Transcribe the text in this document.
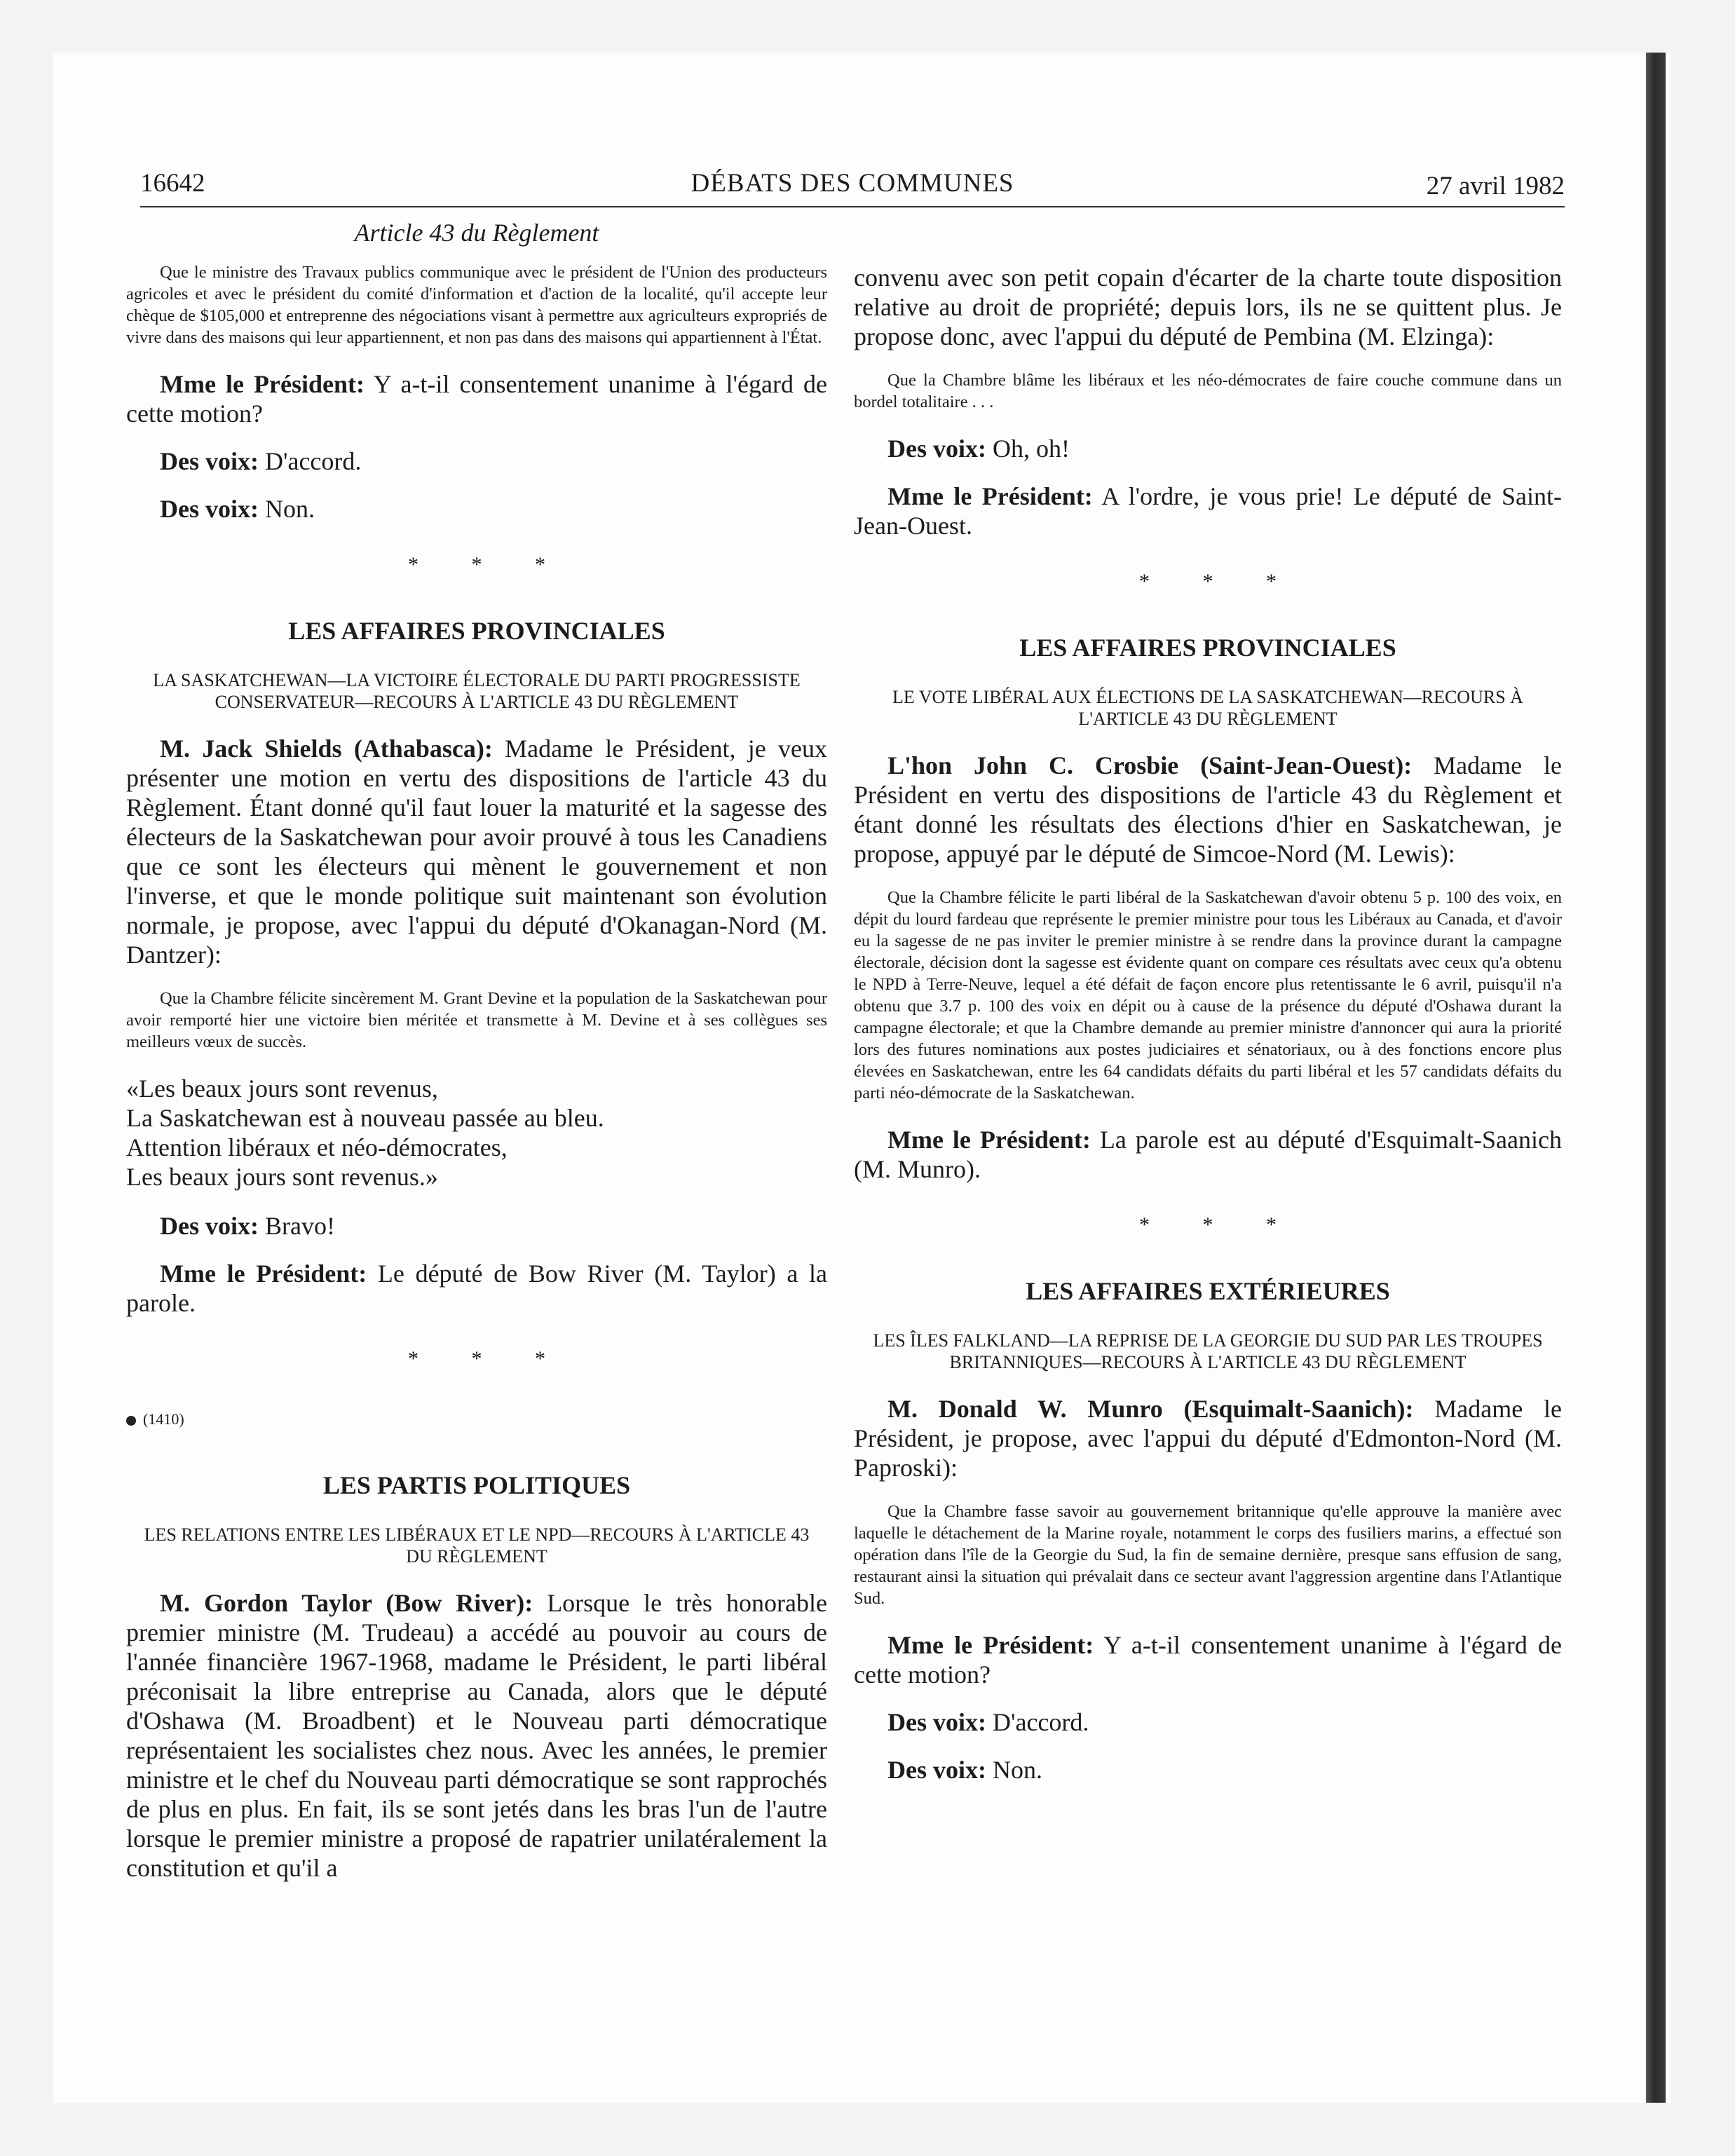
16642	DÉBATS DES COMMUNES	27 avril 1982
Article 43 du Règlement

Que le ministre des Travaux publics communique avec le président de l'Union des producteurs agricoles et avec le président du comité d'information et d'action de la localité, qu'il accepte leur chèque de $105,000 et entreprenne des négociations visant à permettre aux agriculteurs expropriés de vivre dans des maisons qui leur appartiennent, et non pas dans des maisons qui appartiennent à l'État.

Mme le Président: Y a-t-il consentement unanime à l'égard de cette motion?

Des voix: D'accord.

Des voix: Non.

* * *
LES AFFAIRES PROVINCIALES
LA SASKATCHEWAN—LA VICTOIRE ÉLECTORALE DU PARTI PROGRESSISTE CONSERVATEUR—RECOURS À L'ARTICLE 43 DU RÈGLEMENT

M. Jack Shields (Athabasca): Madame le Président, je veux présenter une motion en vertu des dispositions de l'article 43 du Règlement. Étant donné qu'il faut louer la maturité et la sagesse des électeurs de la Saskatchewan pour avoir prouvé à tous les Canadiens que ce sont les électeurs qui mènent le gouvernement et non l'inverse, et que le monde politique suit maintenant son évolution normale, je propose, avec l'appui du député d'Okanagan-Nord (M. Dantzer):

Que la Chambre félicite sincèrement M. Grant Devine et la population de la Saskatchewan pour avoir remporté hier une victoire bien méritée et transmette à M. Devine et à ses collègues ses meilleurs vœux de succès.

«Les beaux jours sont revenus,
La Saskatchewan est à nouveau passée au bleu.
Attention libéraux et néo-démocrates,
Les beaux jours sont revenus.»

Des voix: Bravo!

Mme le Président: Le député de Bow River (M. Taylor) a la parole.

* * *
(1410)
LES PARTIS POLITIQUES
LES RELATIONS ENTRE LES LIBÉRAUX ET LE NPD—RECOURS À L'ARTICLE 43 DU RÈGLEMENT

M. Gordon Taylor (Bow River): Lorsque le très honorable premier ministre (M. Trudeau) a accédé au pouvoir au cours de l'année financière 1967-1968, madame le Président, le parti libéral préconisait la libre entreprise au Canada, alors que le député d'Oshawa (M. Broadbent) et le Nouveau parti démocratique représentaient les socialistes chez nous. Avec les années, le premier ministre et le chef du Nouveau parti démocratique se sont rapprochés de plus en plus. En fait, ils se sont jetés dans les bras l'un de l'autre lorsque le premier ministre a proposé de rapatrier unilatéralement la constitution et qu'il a

convenu avec son petit copain d'écarter de la charte toute disposition relative au droit de propriété; depuis lors, ils ne se quittent plus. Je propose donc, avec l'appui du député de Pembina (M. Elzinga):

Que la Chambre blâme les libéraux et les néo-démocrates de faire couche commune dans un bordel totalitaire . . .

Des voix: Oh, oh!

Mme le Président: A l'ordre, je vous prie! Le député de Saint-Jean-Ouest.

* * *
LES AFFAIRES PROVINCIALES
LE VOTE LIBÉRAL AUX ÉLECTIONS DE LA SASKATCHEWAN—RECOURS À L'ARTICLE 43 DU RÈGLEMENT

L'hon John C. Crosbie (Saint-Jean-Ouest): Madame le Président en vertu des dispositions de l'article 43 du Règlement et étant donné les résultats des élections d'hier en Saskatchewan, je propose, appuyé par le député de Simcoe-Nord (M. Lewis):

Que la Chambre félicite le parti libéral de la Saskatchewan d'avoir obtenu 5 p. 100 des voix, en dépit du lourd fardeau que représente le premier ministre pour tous les Libéraux au Canada, et d'avoir eu la sagesse de ne pas inviter le premier ministre à se rendre dans la province durant la campagne électorale, décision dont la sagesse est évidente quant on compare ces résultats avec ceux qu'a obtenu le NPD à Terre-Neuve, lequel a été défait de façon encore plus retentissante le 6 avril, puisqu'il n'a obtenu que 3.7 p. 100 des voix en dépit ou à cause de la présence du député d'Oshawa durant la campagne électorale; et que la Chambre demande au premier ministre d'annoncer qui aura la priorité lors des futures nominations aux postes judiciaires et sénatoriaux, ou à des fonctions encore plus élevées en Saskatchewan, entre les 64 candidats défaits du parti libéral et les 57 candidats défaits du parti néo-démocrate de la Saskatchewan.

Mme le Président: La parole est au député d'Esquimalt-Saanich (M. Munro).

* * *
LES AFFAIRES EXTÉRIEURES
LES ÎLES FALKLAND—LA REPRISE DE LA GEORGIE DU SUD PAR LES TROUPES BRITANNIQUES—RECOURS À L'ARTICLE 43 DU RÈGLEMENT

M. Donald W. Munro (Esquimalt-Saanich): Madame le Président, je propose, avec l'appui du député d'Edmonton-Nord (M. Paproski):

Que la Chambre fasse savoir au gouvernement britannique qu'elle approuve la manière avec laquelle le détachement de la Marine royale, notamment le corps des fusiliers marins, a effectué son opération dans l'île de la Georgie du Sud, la fin de semaine dernière, presque sans effusion de sang, restaurant ainsi la situation qui prévalait dans ce secteur avant l'aggression argentine dans l'Atlantique Sud.

Mme le Président: Y a-t-il consentement unanime à l'égard de cette motion?

Des voix: D'accord.

Des voix: Non.
